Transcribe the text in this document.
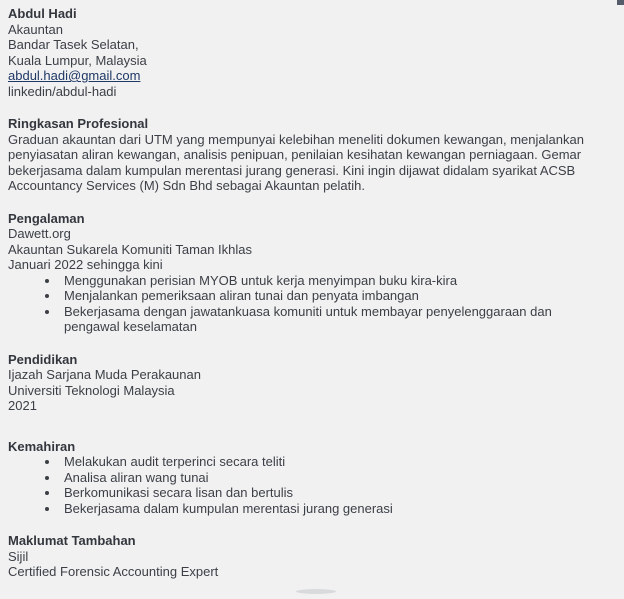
Abdul Hadi
Akauntan
Bandar Tasek Selatan,
Kuala Lumpur, Malaysia
abdul.hadi@gmail.com
linkedin/abdul-hadi
Ringkasan Profesional
Graduan akauntan dari UTM yang mempunyai kelebihan meneliti dokumen kewangan, menjalankan penyiasatan aliran kewangan, analisis penipuan, penilaian kesihatan kewangan perniagaan. Gemar bekerjasama dalam kumpulan merentasi jurang generasi. Kini ingin dijawat didalam syarikat ACSB Accountancy Services (M) Sdn Bhd sebagai Akauntan pelatih.
Pengalaman
Dawett.org
Akauntan Sukarela Komuniti Taman Ikhlas
Januari 2022 sehingga kini
• Menggunakan perisian MYOB untuk kerja menyimpan buku kira-kira
• Menjalankan pemeriksaan aliran tunai dan penyata imbangan
• Bekerjasama dengan jawatankuasa komuniti untuk membayar penyelenggaraan dan pengawal keselamatan
Pendidikan
Ijazah Sarjana Muda Perakaunan
Universiti Teknologi Malaysia
2021
Kemahiran
• Melakukan audit terperinci secara teliti
• Analisa aliran wang tunai
• Berkomunikasi secara lisan dan bertulis
• Bekerjasama dalam kumpulan merentasi jurang generasi
Maklumat Tambahan
Sijil
Certified Forensic Accounting Expert
